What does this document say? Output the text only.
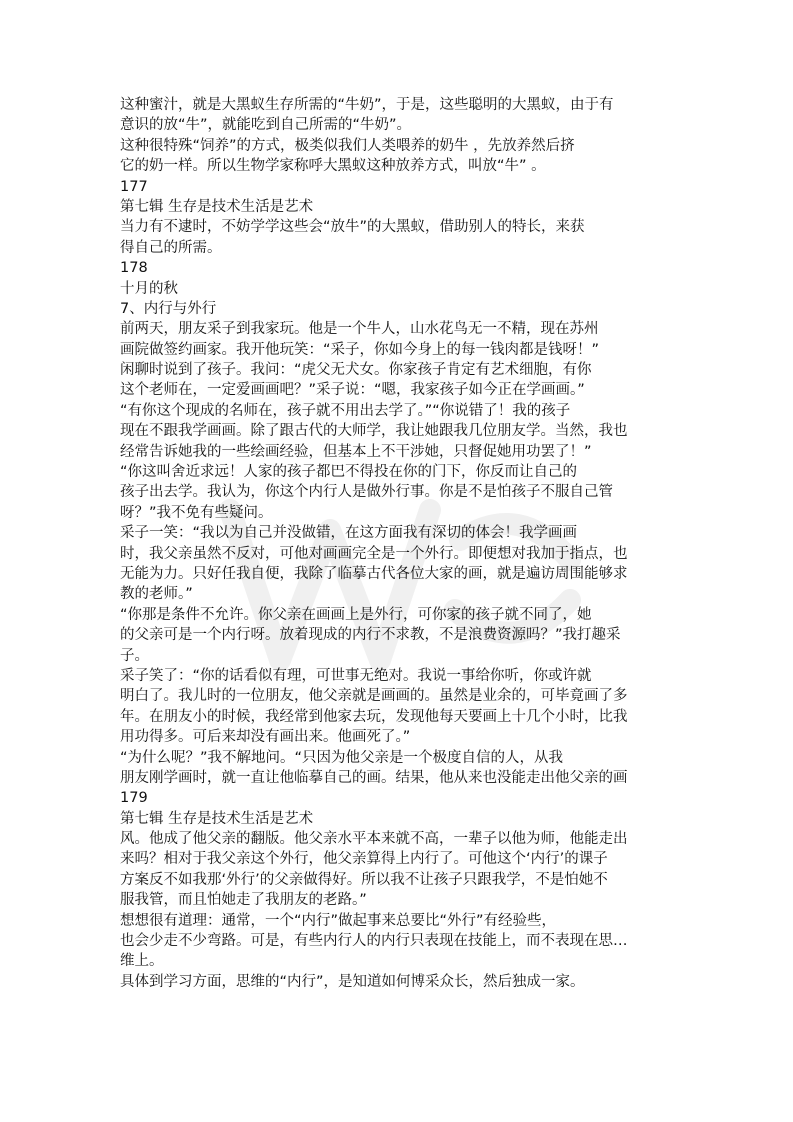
这种蜜汁，就是大黑蚁生存所需的“牛奶”，于是，这些聪明的大黑蚁，由于有
意识的放“牛”，就能吃到自己所需的“牛奶”。
这种很特殊“饲养”的方式，极类似我们人类喂养的奶牛 ，先放养然后挤
它的奶一样。所以生物学家称呼大黑蚁这种放养方式，叫放“牛” 。
177
第七辑 生存是技术生活是艺术
当力有不逮时，不妨学学这些会“放牛”的大黑蚁，借助别人的特长，来获
得自己的所需。
178
十月的秋
7、内行与外行
前两天，朋友采子到我家玩。他是一个牛人，山水花鸟无一不精，现在苏州
画院做签约画家。我开他玩笑：“采子，你如今身上的每一钱肉都是钱呀！”
闲聊时说到了孩子。我问：“虎父无犬女。你家孩子肯定有艺术细胞，有你
这个老师在，一定爱画画吧？”采子说：“嗯，我家孩子如今正在学画画。”
“有你这个现成的名师在，孩子就不用出去学了。”“你说错了！我的孩子
现在不跟我学画画。除了跟古代的大师学，我让她跟我几位朋友学。当然，我也
经常告诉她我的一些绘画经验，但基本上不干涉她，只督促她用功罢了！”
“你这叫舍近求远！人家的孩子都巴不得投在你的门下，你反而让自己的
孩子出去学。我认为，你这个内行人是做外行事。你是不是怕孩子不服自己管
呀？”我不免有些疑问。
采子一笑：“我以为自己并没做错，在这方面我有深切的体会！我学画画
时，我父亲虽然不反对，可他对画画完全是一个外行。即便想对我加于指点，也
无能为力。只好任我自便，我除了临摹古代各位大家的画，就是遍访周围能够求
教的老师。”
“你那是条件不允许。你父亲在画画上是外行，可你家的孩子就不同了，她
的父亲可是一个内行呀。放着现成的内行不求教，不是浪费资源吗？”我打趣采
子。
采子笑了：“你的话看似有理，可世事无绝对。我说一事给你听，你或许就
明白了。我儿时的一位朋友，他父亲就是画画的。虽然是业余的，可毕竟画了多
年。在朋友小的时候，我经常到他家去玩，发现他每天要画上十几个小时，比我
用功得多。可后来却没有画出来。他画死了。”
“为什么呢？”我不解地问。“只因为他父亲是一个极度自信的人，从我
朋友刚学画时，就一直让他临摹自己的画。结果，他从来也没能走出他父亲的画
179
第七辑 生存是技术生活是艺术
风。他成了他父亲的翻版。他父亲水平本来就不高，一辈子以他为师，他能走出
来吗？相对于我父亲这个外行，他父亲算得上内行了。可他这个‘内行’的课子
方案反不如我那‘外行’的父亲做得好。所以我不让孩子只跟我学，不是怕她不
服我管，而且怕她走了我朋友的老路。”
想想很有道理：通常，一个“内行”做起事来总要比“外行”有经验些，
也会少走不少弯路。可是，有些内行人的内行只表现在技能上，而不表现在思…
维上。
具体到学习方面，思维的“内行”，是知道如何博采众长，然后独成一家。
